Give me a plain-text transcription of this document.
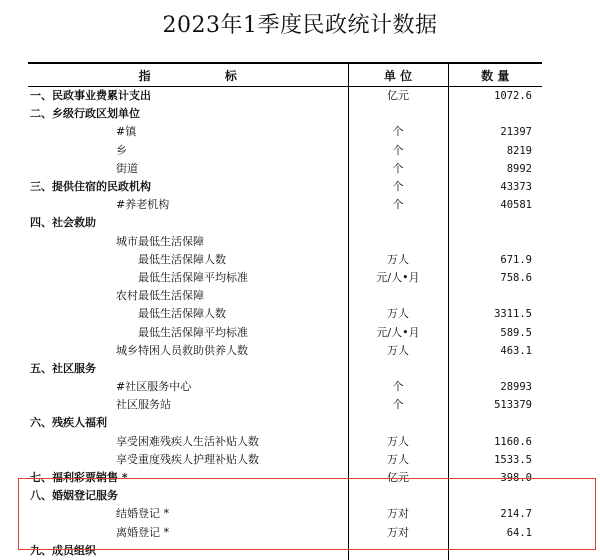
2023年1季度民政统计数据
指 标	单 位	数 量
一、民政事业费累计支出	亿元	1072.6
二、乡级行政区划单位		
#镇	个	21397
乡	个	8219
街道	个	8992
三、提供住宿的民政机构	个	43373
#养老机构	个	40581
四、社会救助		
城市最低生活保障		
最低生活保障人数	万人	671.9
最低生活保障平均标准	元/人•月	758.6
农村最低生活保障		
最低生活保障人数	万人	3311.5
最低生活保障平均标准	元/人•月	589.5
城乡特困人员救助供养人数	万人	463.1
五、社区服务		
#社区服务中心	个	28993
社区服务站	个	513379
六、残疾人福利		
享受困难残疾人生活补贴人数	万人	1160.6
享受重度残疾人护理补贴人数	万人	1533.5
七、福利彩票销售 *	亿元	398.0
八、婚姻登记服务		
结婚登记 *	万对	214.7
离婚登记 *	万对	64.1
九、成员组织		
